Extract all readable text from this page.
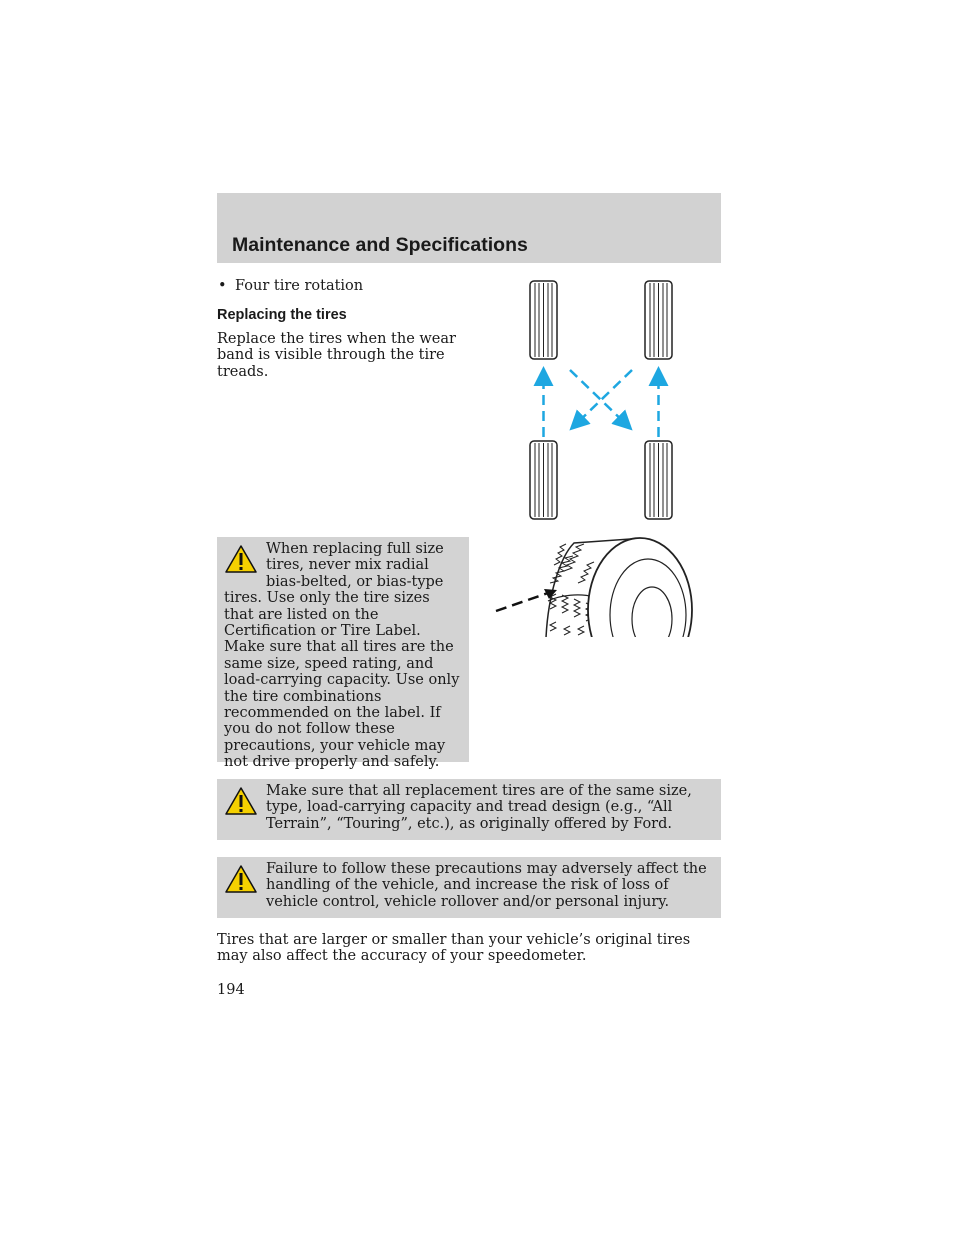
Maintenance and Specifications
• Four tire rotation
Replacing the tires

Replace the tires when the wear band is visible through the tire treads.

When replacing full size tires, never mix radial bias-belted, or bias-type tires. Use only the tire sizes that are listed on the Certification or Tire Label. Make sure that all tires are the same size, speed rating, and load-carrying capacity. Use only the tire combinations recommended on the label. If you do not follow these precautions, your vehicle may not drive properly and safely.

Make sure that all replacement tires are of the same size, type, load-carrying capacity and tread design (e.g., “All Terrain”, “Touring”, etc.), as originally offered by Ford.

Failure to follow these precautions may adversely affect the handling of the vehicle, and increase the risk of loss of vehicle control, vehicle rollover and/or personal injury.

Tires that are larger or smaller than your vehicle’s original tires may also affect the accuracy of your speedometer.

194
